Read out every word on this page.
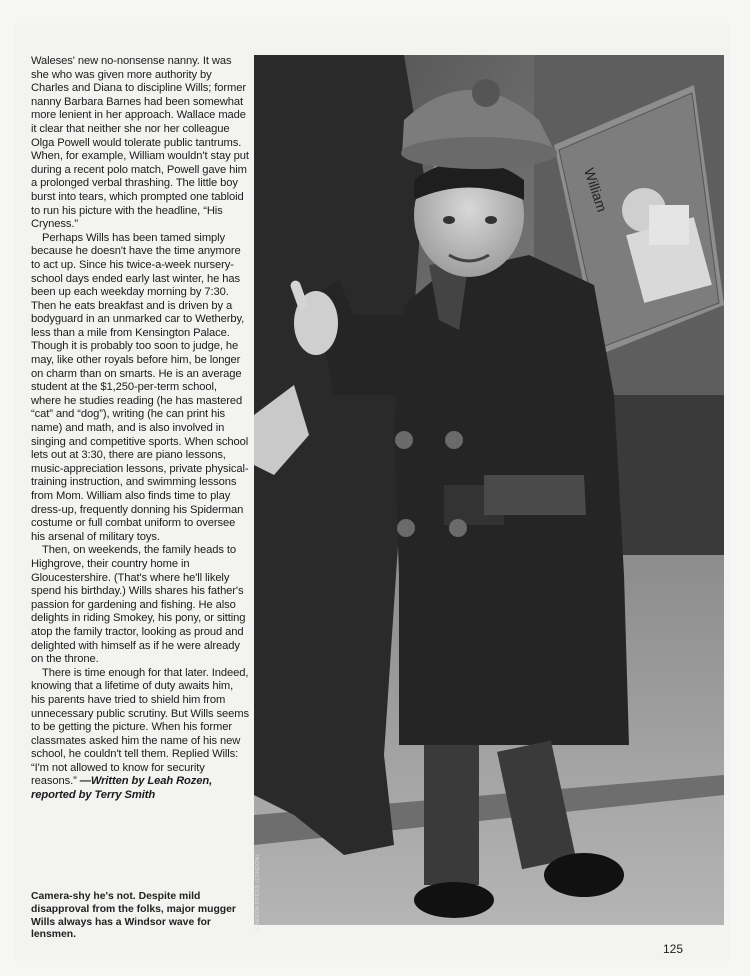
Waleses' new no-nonsense nanny. It was she who was given more authority by Charles and Diana to discipline Wills; former nanny Barbara Barnes had been somewhat more lenient in her approach. Wallace made it clear that neither she nor her colleague Olga Powell would tolerate public tantrums. When, for example, William wouldn't stay put during a recent polo match, Powell gave him a prolonged verbal thrashing. The little boy burst into tears, which prompted one tabloid to run his picture with the headline, “His Cryness.”

Perhaps Wills has been tamed simply because he doesn't have the time anymore to act up. Since his twice-a-week nursery-school days ended early last winter, he has been up each weekday morning by 7:30. Then he eats breakfast and is driven by a bodyguard in an unmarked car to Wetherby, less than a mile from Kensington Palace. Though it is probably too soon to judge, he may, like other royals before him, be longer on charm than on smarts. He is an average student at the $1,250-per-term school, where he studies reading (he has mastered “cat” and “dog”), writing (he can print his name) and math, and is also involved in singing and competitive sports. When school lets out at 3:30, there are piano lessons, music-appreciation lessons, private physical-training instruction, and swimming lessons from Mom. William also finds time to play dress-up, frequently donning his Spiderman costume or full combat uniform to oversee his arsenal of military toys.

Then, on weekends, the family heads to Highgrove, their country home in Gloucestershire. (That's where he'll likely spend his birthday.) Wills shares his father's passion for gardening and fishing. He also delights in riding Smokey, his pony, or sitting atop the family tractor, looking as proud and delighted with himself as if he were already on the throne.

There is time enough for that later. Indeed, knowing that a lifetime of duty awaits him, his parents have tried to shield him from unnecessary public scrutiny. But Wills seems to be getting the picture. When his former classmates asked him the name of his new school, he couldn't tell them. Replied Wills: “I'm not allowed to know for security reasons.” —Written by Leah Rozen, reported by Terry Smith

Camera-shy he's not. Despite mild disapproval from the folks, major mugger Wills always has a Windsor wave for lensmen.
William
CAMERA PRESS (LONDON)
125
